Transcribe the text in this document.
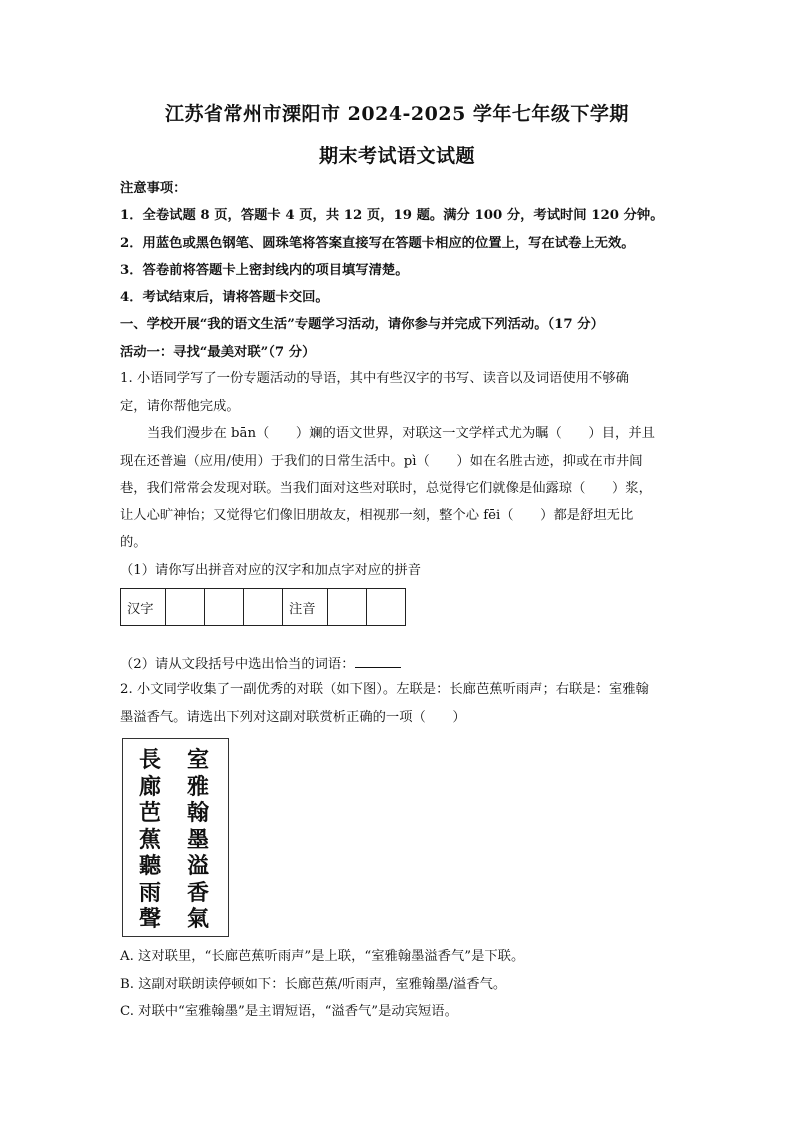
江苏省常州市溧阳市 2024-2025 学年七年级下学期
期末考试语文试题
注意事项：
1．全卷试题 8 页，答题卡 4 页，共 12 页，19 题。满分 100 分，考试时间 120 分钟。
2．用蓝色或黑色钢笔、圆珠笔将答案直接写在答题卡相应的位置上，写在试卷上无效。
3．答卷前将答题卡上密封线内的项目填写清楚。
4．考试结束后，请将答题卡交回。
一、学校开展“我的语文生活”专题学习活动，请你参与并完成下列活动。（17 分）
活动一：寻找“最美对联”（7 分）
1. 小语同学写了一份专题活动的导语，其中有些汉字的书写、读音以及词语使用不够确
定，请你帮他完成。
当我们漫步在 bān（　　）斓的语文世界，对联这一文学样式尤为瞩（　　）目，并且
现在还普遍（应用/使用）于我们的日常生活中。pì（　　）如在名胜古迹，抑或在市井闾
巷，我们常常会发现对联。当我们面对这些对联时，总觉得它们就像是仙露琼（　　）浆，
让人心旷神怡；又觉得它们像旧朋故友，相视那一刻，整个心 fēi（　　）都是舒坦无比
的。
（1）请你写出拼音对应的汉字和加点字对应的拼音
汉字				注音		
（2）请从文段括号中选出恰当的词语：
2. 小文同学收集了一副优秀的对联（如下图）。左联是：长廊芭蕉听雨声；右联是：室雅翰
墨溢香气。请选出下列对这副对联赏析正确的一项（　　）
長
廊
芭
蕉
聽
雨
聲
室
雅
翰
墨
溢
香
氣
A. 这对联里，“长廊芭蕉听雨声”是上联，“室雅翰墨溢香气”是下联。
B. 这副对联朗读停顿如下：长廊芭蕉/听雨声，室雅翰墨/溢香气。
C. 对联中“室雅翰墨”是主谓短语，“溢香气”是动宾短语。
